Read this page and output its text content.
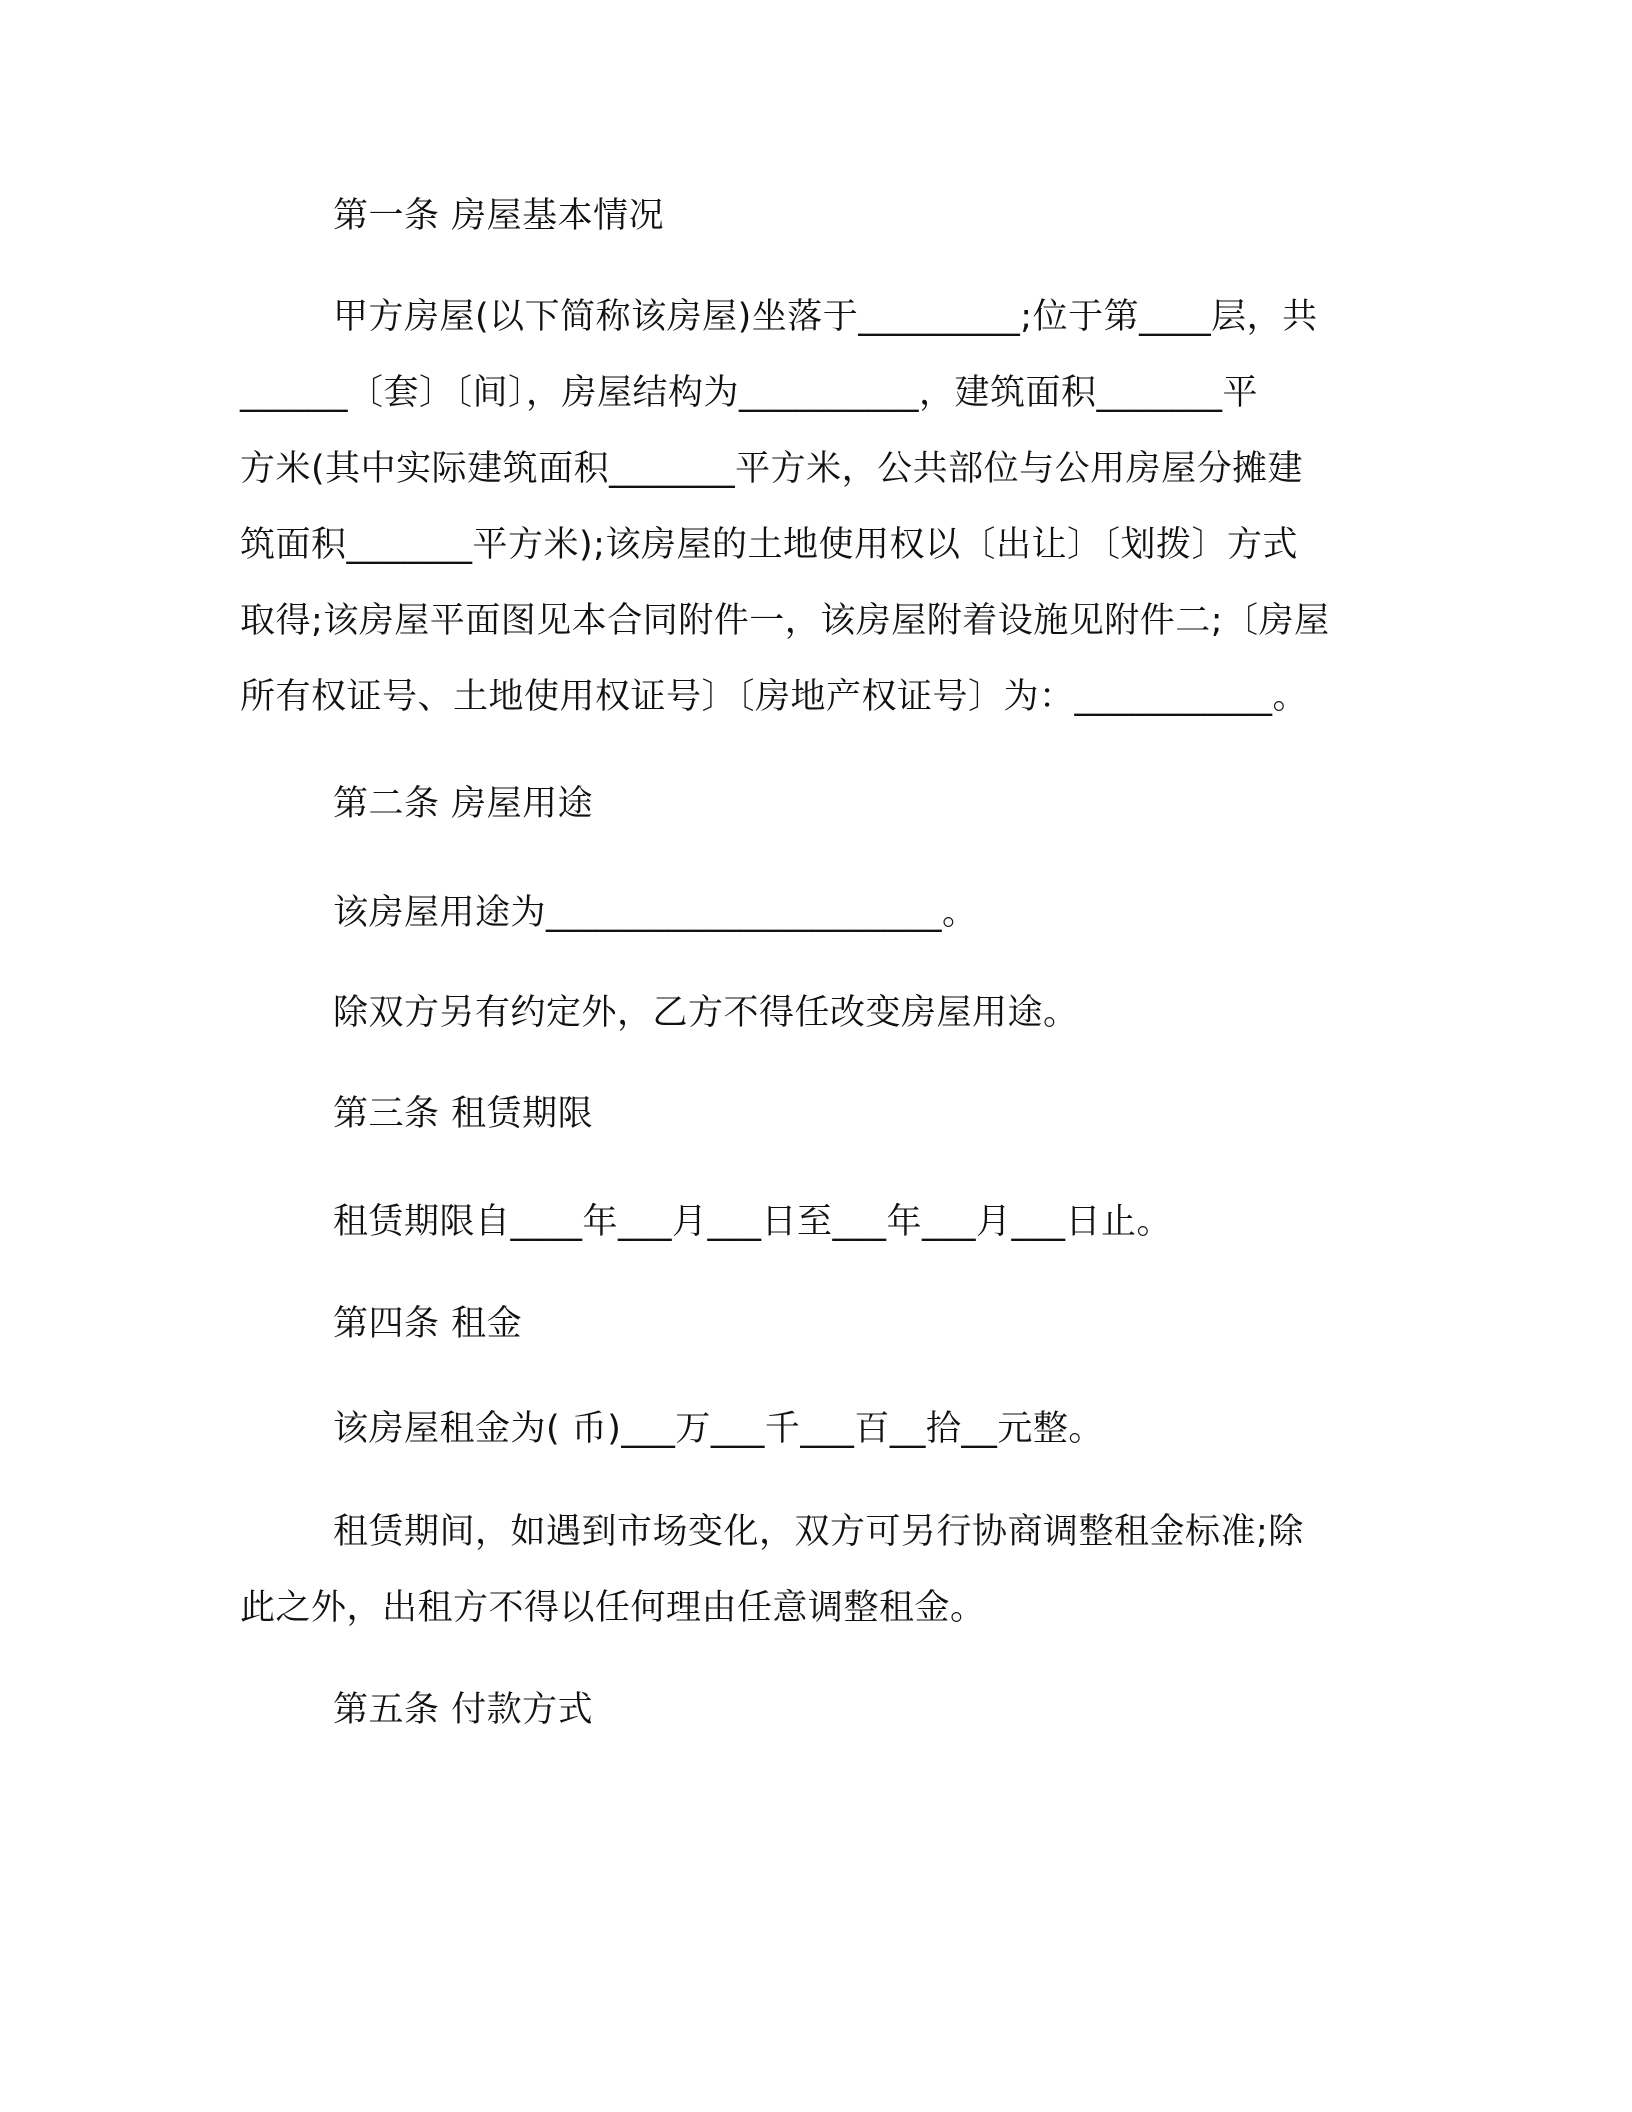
第一条 房屋基本情况
甲方房屋(以下简称该房屋)坐落于_________;位于第____层，共
______〔套〕〔间〕，房屋结构为__________，建筑面积_______平
方米(其中实际建筑面积_______平方米，公共部位与公用房屋分摊建
筑面积_______平方米);该房屋的土地使用权以〔出让〕〔划拨〕方式
取得;该房屋平面图见本合同附件一，该房屋附着设施见附件二;〔房屋
所有权证号、土地使用权证号〕〔房地产权证号〕为：___________。
第二条 房屋用途
该房屋用途为______________________。
除双方另有约定外，乙方不得任改变房屋用途。
第三条 租赁期限
租赁期限自____年___月___日至___年___月___日止。
第四条 租金
该房屋租金为( 币)___万___千___百__拾__元整。
租赁期间，如遇到市场变化，双方可另行协商调整租金标准;除
此之外，出租方不得以任何理由任意调整租金。
第五条 付款方式
